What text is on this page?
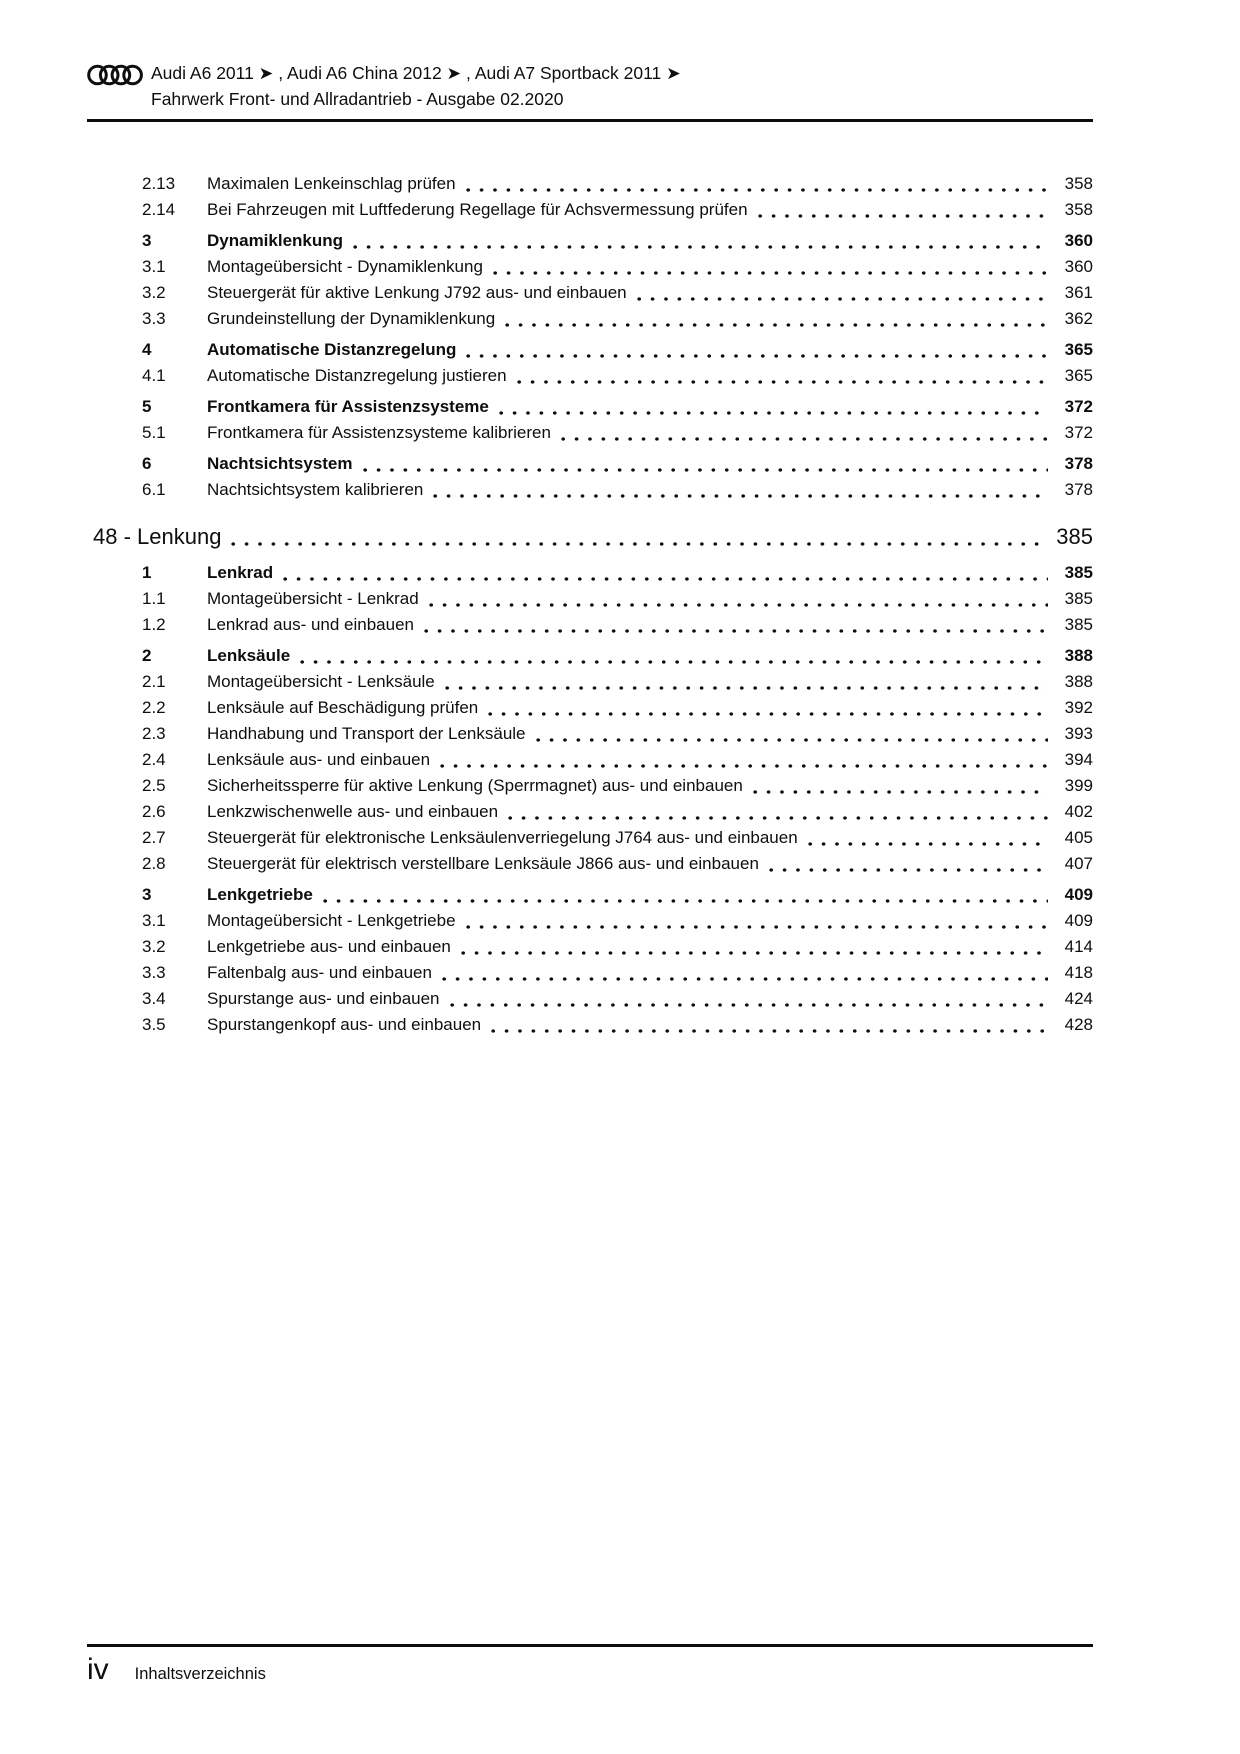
Audi A6 2011 ➤ , Audi A6 China 2012 ➤ , Audi A7 Sportback 2011 ➤
Fahrwerk Front- und Allradantrieb - Ausgabe 02.2020
2.13	Maximalen Lenkeinschlag prüfen	358
2.14	Bei Fahrzeugen mit Luftfederung Regellage für Achsvermessung prüfen	358
3	Dynamiklenkung	360
3.1	Montageübersicht - Dynamiklenkung	360
3.2	Steuergerät für aktive Lenkung J792 aus- und einbauen	361
3.3	Grundeinstellung der Dynamiklenkung	362
4	Automatische Distanzregelung	365
4.1	Automatische Distanzregelung justieren	365
5	Frontkamera für Assistenzsysteme	372
5.1	Frontkamera für Assistenzsysteme kalibrieren	372
6	Nachtsichtsystem	378
6.1	Nachtsichtsystem kalibrieren	378
48 - Lenkung	385
1	Lenkrad	385
1.1	Montageübersicht - Lenkrad	385
1.2	Lenkrad aus- und einbauen	385
2	Lenksäule	388
2.1	Montageübersicht - Lenksäule	388
2.2	Lenksäule auf Beschädigung prüfen	392
2.3	Handhabung und Transport der Lenksäule	393
2.4	Lenksäule aus- und einbauen	394
2.5	Sicherheitssperre für aktive Lenkung (Sperrmagnet) aus- und einbauen	399
2.6	Lenkzwischenwelle aus- und einbauen	402
2.7	Steuergerät für elektronische Lenksäulenverriegelung J764 aus- und einbauen	405
2.8	Steuergerät für elektrisch verstellbare Lenksäule J866 aus- und einbauen	407
3	Lenkgetriebe	409
3.1	Montageübersicht - Lenkgetriebe	409
3.2	Lenkgetriebe aus- und einbauen	414
3.3	Faltenbalg aus- und einbauen	418
3.4	Spurstange aus- und einbauen	424
3.5	Spurstangenkopf aus- und einbauen	428
iv Inhaltsverzeichnis
